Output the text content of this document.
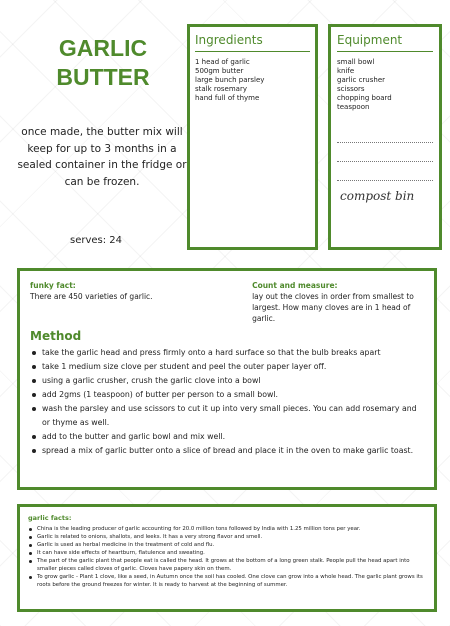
GARLIC BUTTER
once made, the butter mix will keep for up to 3 months in a sealed container in the fridge or can be frozen.
serves: 24
Ingredients
1 head of garlic
500gm butter
large bunch parsley
stalk rosemary
hand full of thyme
Equipment
small bowl
knife
garlic crusher
scissors
chopping board
teaspoon
compost bin
funky fact:
There are 450 varieties of garlic.
Count and measure:
lay out the cloves in order from smallest to largest. How many cloves are in 1 head of garlic.
Method
take the garlic head and press firmly onto a hard surface so that the bulb breaks apart
take 1 medium size clove per student and peel the outer paper layer off.
using a garlic crusher, crush the garlic clove into a bowl
add 2gms (1 teaspoon) of butter per person to a small bowl.
wash the parsley and use scissors to cut it up into very small pieces. You can add rosemary and or thyme as well.
add to the butter and garlic bowl and mix well.
spread a mix of garlic butter onto a slice of bread and place it in the oven to make garlic toast.
garlic facts:
China is the leading producer of garlic accounting for 20.0 million tons followed by India with 1.25 million tons per year.
Garlic is related to onions, shallots, and leeks. It has a very strong flavor and smell.
Garlic is used as herbal medicine in the treatment of cold and flu.
It can have side effects of heartburn, flatulence and sweating.
The part of the garlic plant that people eat is called the head. It grows at the bottom of a long green stalk. People pull the head apart into smaller pieces called cloves of garlic. Cloves have papery skin on them.
To grow garlic - Plant 1 clove, like a seed, in Autumn once the soil has cooled. One clove can grow into a whole head. The garlic plant grows its roots before the ground freezes for winter. It is ready to harvest at the beginning of summer.
